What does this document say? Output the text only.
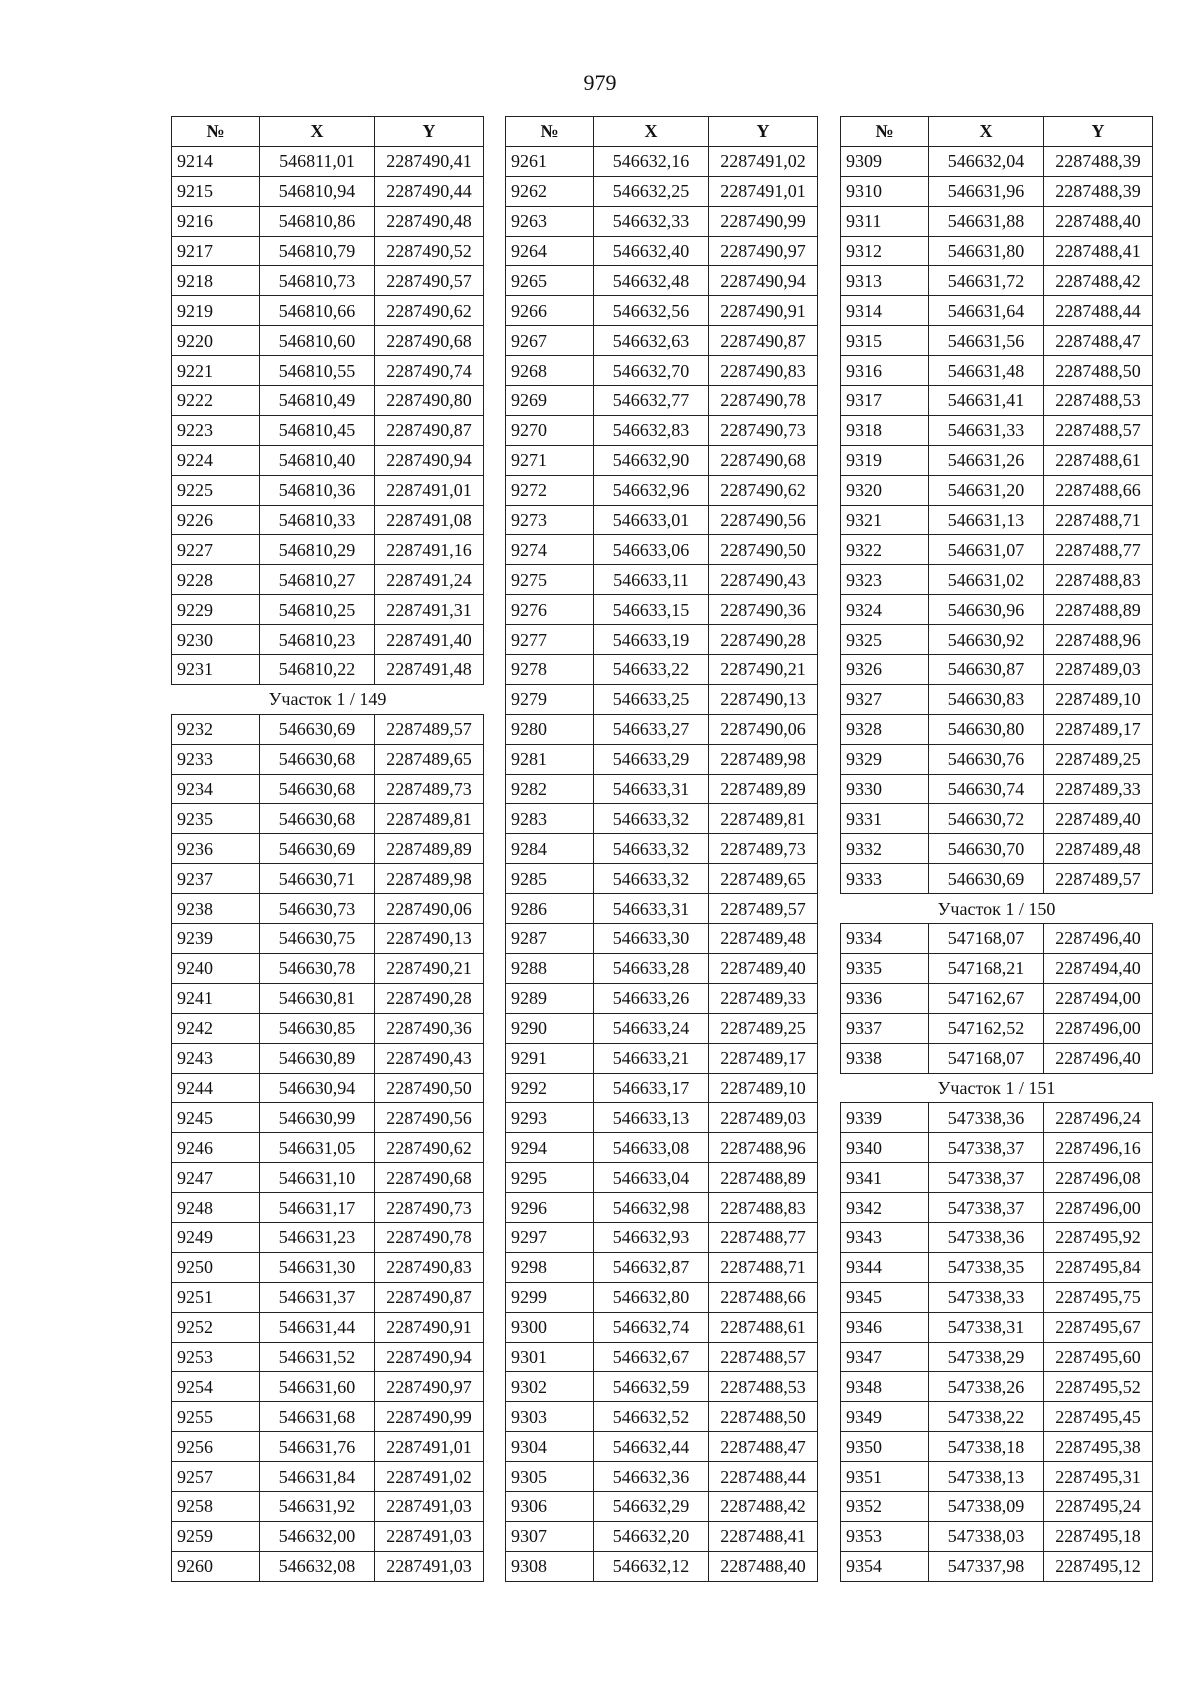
979
№	X	Y
9214	546811,01	2287490,41
9215	546810,94	2287490,44
9216	546810,86	2287490,48
9217	546810,79	2287490,52
9218	546810,73	2287490,57
9219	546810,66	2287490,62
9220	546810,60	2287490,68
9221	546810,55	2287490,74
9222	546810,49	2287490,80
9223	546810,45	2287490,87
9224	546810,40	2287490,94
9225	546810,36	2287491,01
9226	546810,33	2287491,08
9227	546810,29	2287491,16
9228	546810,27	2287491,24
9229	546810,25	2287491,31
9230	546810,23	2287491,40
9231	546810,22	2287491,48
Участок 1 / 149		
9232	546630,69	2287489,57
9233	546630,68	2287489,65
9234	546630,68	2287489,73
9235	546630,68	2287489,81
9236	546630,69	2287489,89
9237	546630,71	2287489,98
9238	546630,73	2287490,06
9239	546630,75	2287490,13
9240	546630,78	2287490,21
9241	546630,81	2287490,28
9242	546630,85	2287490,36
9243	546630,89	2287490,43
9244	546630,94	2287490,50
9245	546630,99	2287490,56
9246	546631,05	2287490,62
9247	546631,10	2287490,68
9248	546631,17	2287490,73
9249	546631,23	2287490,78
9250	546631,30	2287490,83
9251	546631,37	2287490,87
9252	546631,44	2287490,91
9253	546631,52	2287490,94
9254	546631,60	2287490,97
9255	546631,68	2287490,99
9256	546631,76	2287491,01
9257	546631,84	2287491,02
9258	546631,92	2287491,03
9259	546632,00	2287491,03
9260	546632,08	2287491,03
№	X	Y
9261	546632,16	2287491,02
9262	546632,25	2287491,01
9263	546632,33	2287490,99
9264	546632,40	2287490,97
9265	546632,48	2287490,94
9266	546632,56	2287490,91
9267	546632,63	2287490,87
9268	546632,70	2287490,83
9269	546632,77	2287490,78
9270	546632,83	2287490,73
9271	546632,90	2287490,68
9272	546632,96	2287490,62
9273	546633,01	2287490,56
9274	546633,06	2287490,50
9275	546633,11	2287490,43
9276	546633,15	2287490,36
9277	546633,19	2287490,28
9278	546633,22	2287490,21
9279	546633,25	2287490,13
9280	546633,27	2287490,06
9281	546633,29	2287489,98
9282	546633,31	2287489,89
9283	546633,32	2287489,81
9284	546633,32	2287489,73
9285	546633,32	2287489,65
9286	546633,31	2287489,57
9287	546633,30	2287489,48
9288	546633,28	2287489,40
9289	546633,26	2287489,33
9290	546633,24	2287489,25
9291	546633,21	2287489,17
9292	546633,17	2287489,10
9293	546633,13	2287489,03
9294	546633,08	2287488,96
9295	546633,04	2287488,89
9296	546632,98	2287488,83
9297	546632,93	2287488,77
9298	546632,87	2287488,71
9299	546632,80	2287488,66
9300	546632,74	2287488,61
9301	546632,67	2287488,57
9302	546632,59	2287488,53
9303	546632,52	2287488,50
9304	546632,44	2287488,47
9305	546632,36	2287488,44
9306	546632,29	2287488,42
9307	546632,20	2287488,41
9308	546632,12	2287488,40
№	X	Y
9309	546632,04	2287488,39
9310	546631,96	2287488,39
9311	546631,88	2287488,40
9312	546631,80	2287488,41
9313	546631,72	2287488,42
9314	546631,64	2287488,44
9315	546631,56	2287488,47
9316	546631,48	2287488,50
9317	546631,41	2287488,53
9318	546631,33	2287488,57
9319	546631,26	2287488,61
9320	546631,20	2287488,66
9321	546631,13	2287488,71
9322	546631,07	2287488,77
9323	546631,02	2287488,83
9324	546630,96	2287488,89
9325	546630,92	2287488,96
9326	546630,87	2287489,03
9327	546630,83	2287489,10
9328	546630,80	2287489,17
9329	546630,76	2287489,25
9330	546630,74	2287489,33
9331	546630,72	2287489,40
9332	546630,70	2287489,48
9333	546630,69	2287489,57
Участок 1 / 150		
9334	547168,07	2287496,40
9335	547168,21	2287494,40
9336	547162,67	2287494,00
9337	547162,52	2287496,00
9338	547168,07	2287496,40
Участок 1 / 151		
9339	547338,36	2287496,24
9340	547338,37	2287496,16
9341	547338,37	2287496,08
9342	547338,37	2287496,00
9343	547338,36	2287495,92
9344	547338,35	2287495,84
9345	547338,33	2287495,75
9346	547338,31	2287495,67
9347	547338,29	2287495,60
9348	547338,26	2287495,52
9349	547338,22	2287495,45
9350	547338,18	2287495,38
9351	547338,13	2287495,31
9352	547338,09	2287495,24
9353	547338,03	2287495,18
9354	547337,98	2287495,12
